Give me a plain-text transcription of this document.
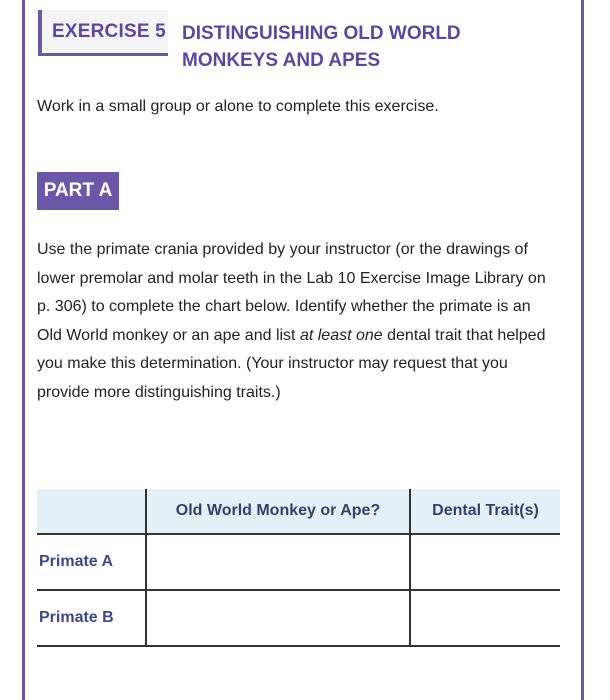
EXERCISE 5 DISTINGUISHING OLD WORLD
MONKEYS AND APES
Work in a small group or alone to complete this exercise.
PART A
Use the primate crania provided by your instructor (or the drawings of lower premolar and molar teeth in the Lab 10 Exercise Image Library on p. 306) to complete the chart below. Identify whether the primate is an Old World monkey or an ape and list at least one dental trait that helped you make this determination. (Your instructor may request that you provide more distinguishing traits.)
Old World Monkey or Ape?	Dental Trait(s)
Primate A
Primate B
